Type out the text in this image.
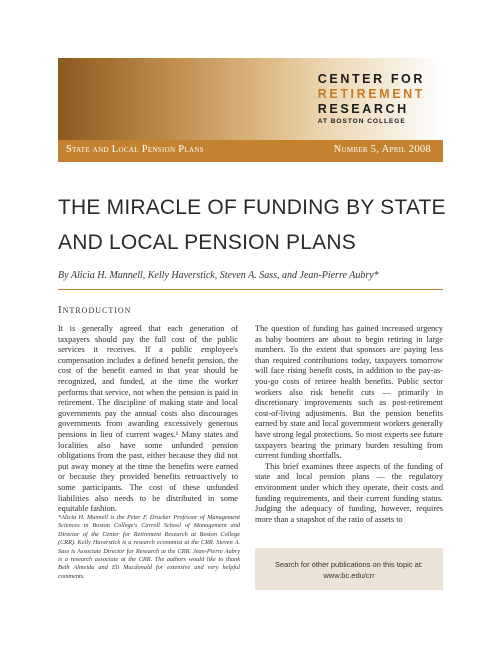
CENTER FOR
RETIREMENT
RESEARCH
AT BOSTON COLLEGE
State and Local Pension Plans	Number 5, April 2008
THE MIRACLE OF FUNDING BY STATE AND LOCAL PENSION PLANS
By Alicia H. Munnell, Kelly Haverstick, Steven A. Sass, and Jean-Pierre Aubry*
Introduction

It is generally agreed that each generation of taxpayers should pay the full cost of the public services it receives. If a public employee's compensation includes a defined benefit pension, the cost of the benefit earned in that year should be recognized, and funded, at the time the worker performs that service, not when the pension is paid in retirement. The discipline of making state and local governments pay the annual costs also discourages governments from awarding excessively generous pensions in lieu of current wages.¹ Many states and localities also have some unfunded pension obligations from the past, either because they did not put away money at the time the benefits were earned or because they provided benefits retroactively to some participants. The cost of these unfunded liabilities also needs to be distributed in some equitable fashion.

The question of funding has gained increased urgency as baby boomers are about to begin retiring in large numbers. To the extent that sponsors are paying less than required contributions today, taxpayers tomorrow will face rising benefit costs, in addition to the pay-as-you-go costs of retiree health benefits. Public sector workers also risk benefit cuts — primarily in discretionary improvements such as post-retirement cost-of-living adjustments. But the pension benefits earned by state and local government workers generally have strong legal protections. So most experts see future taxpayers bearing the primary burden resulting from current funding shortfalls.

This brief examines three aspects of the funding of state and local pension plans — the regulatory environment under which they operate, their costs and funding requirements, and their current funding status. Judging the adequacy of funding, however, requires more than a snapshot of the ratio of assets to

*Alicia H. Munnell is the Peter F. Drucker Professor of Management Sciences in Boston College's Carroll School of Management and Director of the Center for Retirement Research at Boston College (CRR). Kelly Haverstick is a research economist at the CRR. Steven A. Sass is Associate Director for Research at the CRR. Jean-Pierre Aubry is a research associate at the CRR. The authors would like to thank Beth Almeida and Eli Macdonald for extensive and very helpful comments.
Search for other publications on this topic at:
www.bc.edu/crr
